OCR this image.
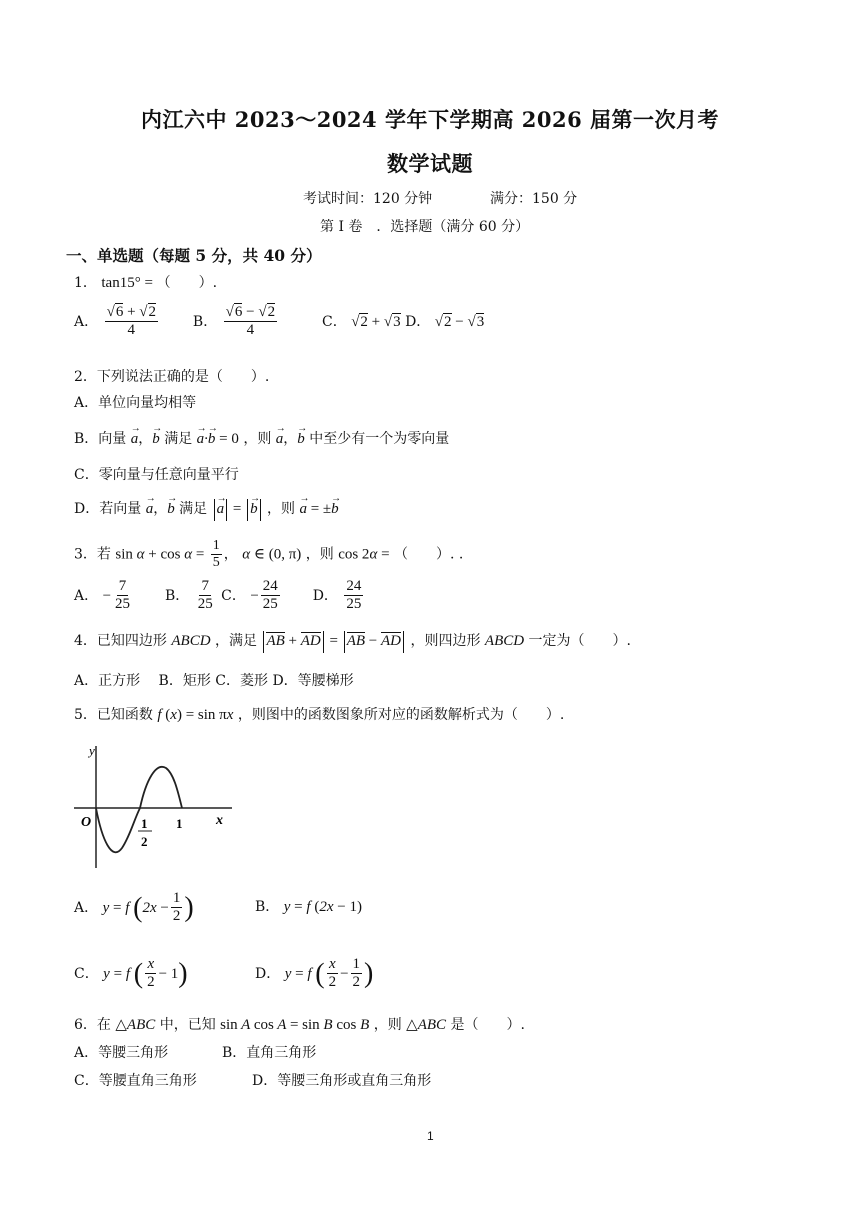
内江六中 2023～2024 学年下学期高 2026 届第一次月考
数学试题
考试时间：120 分钟	满分：150 分
第 I 卷　．选择题（满分 60 分）
一、单选题（每题 5 分，共 40 分）
1． tan15° = （　　）.
A． $\frac{√6 + √2}{4}$ B． $\frac{√6 - √2}{4}$	C． √2 + √3 D． √2 − √3
2．下列说法正确的是（　　）.
A．单位向量均相等
B．向量 → a，→ b 满足 → a·→ b = 0 ，则 → a，→ b 中至少有一个为零向量
C．零向量与任意向量平行
D．若向量 → a，→ b 满足 → a = → b ，则 → a = ±→ b
3．若 $\sin \alpha + \cos \alpha = \frac{1}{5}$ ， α ∈ (0, π) ，则 cos 2α = （　　）. .
A． − $\frac{7}{25}$ B． $\frac{7}{25}$ C． − $\frac{24}{25}$ D． $\frac{24}{25}$
4．已知四边形 ABCD ，满足 AB + AD = AB − AD ，则四边形 ABCD 一定为（　　）.
A．正方形　 B．矩形 C．菱形 D．等腰梯形
5．已知函数 f (x) = sin πx ，则图中的函数图象所对应的函数解析式为（　　）.
y
x
O	1
2
1
A． y = f ($2x - \frac{1}{2}$ )	B． y = f (2x − 1)
C． y = f ( $\frac{x}{2} - 1$)	D． y = f ( $\frac{x}{2} - \frac{1}{2}$ )
6．在 △ABC 中，已知 sin A cos A = sin B cos B ，则 △ABC 是（　　）.
A．等腰三角形	B．直角三角形
C．等腰直角三角形	D．等腰三角形或直角三角形
1
